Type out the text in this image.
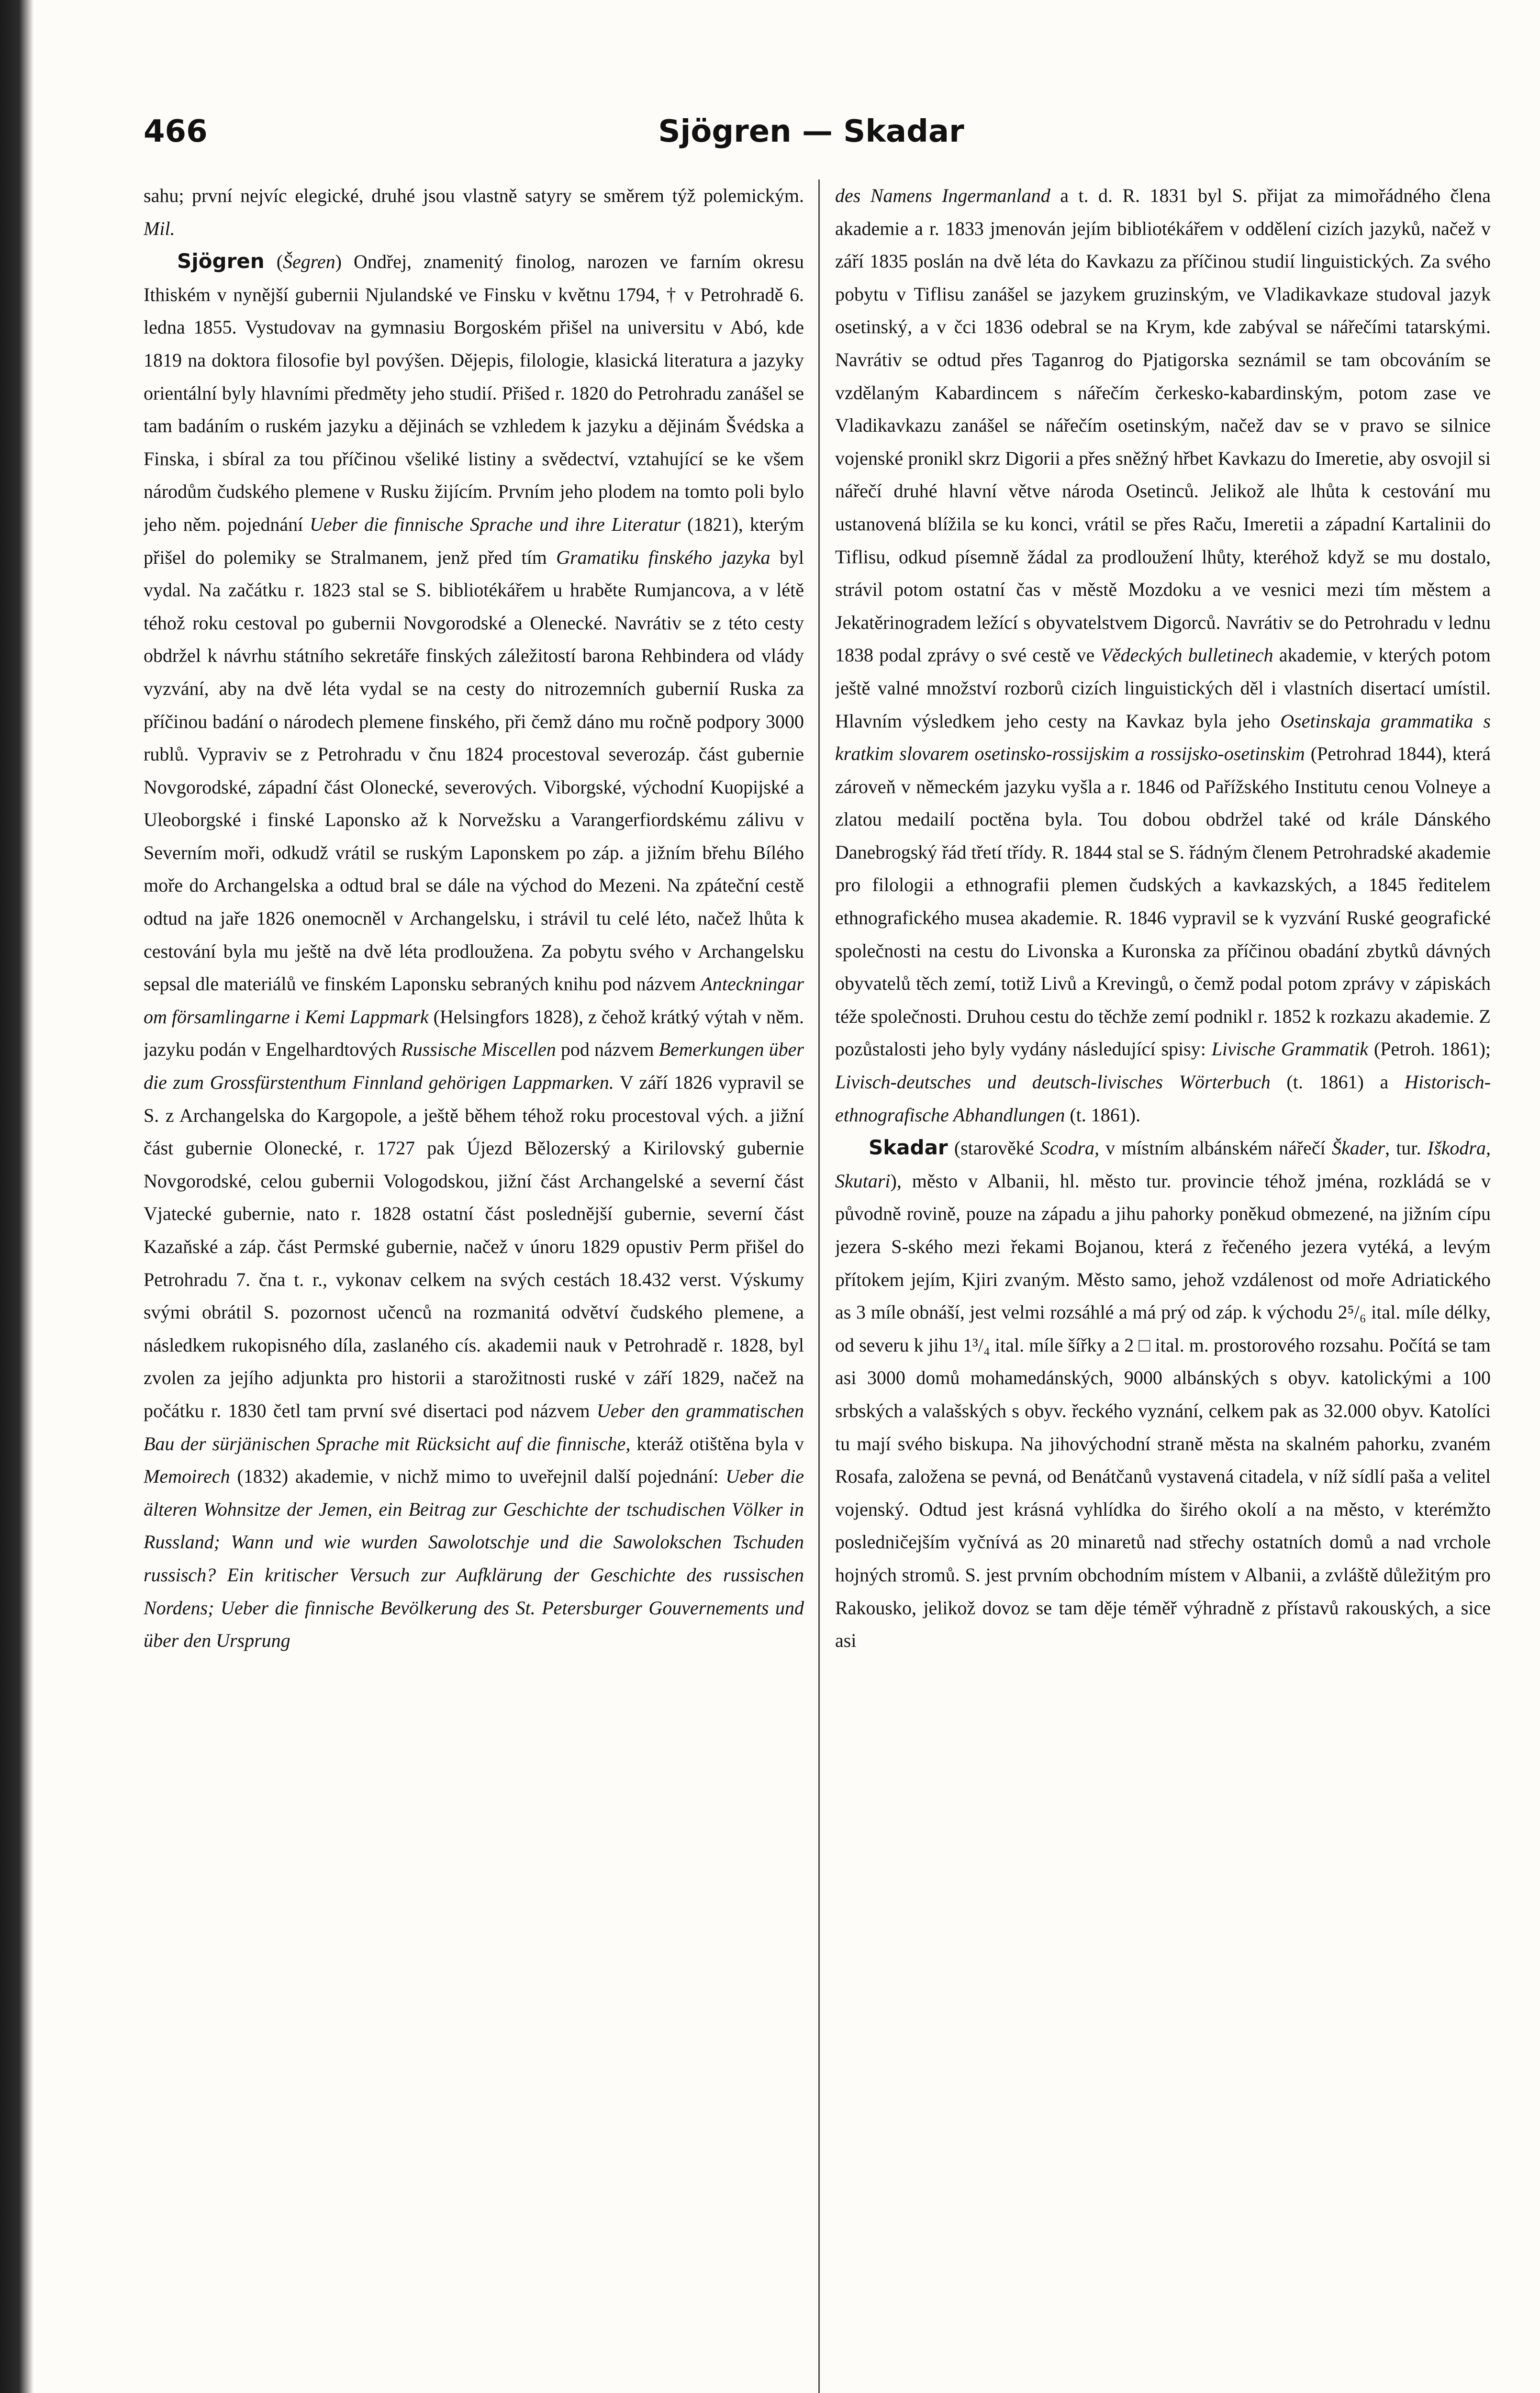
466	Sjögren — Skadar

sahu; první nejvíc elegické, druhé jsou vlastně satyry se směrem týž polemickým. Mil.

Sjögren (Šegren) Ondřej, znamenitý finolog, narozen ve farním okresu Ithiském v nynější gubernii Njulandské ve Finsku v květnu 1794, † v Petrohradě 6. ledna 1855. Vystudovav na gymnasiu Borgoském přišel na universitu v Abó, kde 1819 na doktora filosofie byl povýšen. Dějepis, filologie, klasická literatura a jazyky orientální byly hlavními předměty jeho studií. Přišed r. 1820 do Petrohradu zanášel se tam badáním o ruském jazyku a dějinách se vzhledem k jazyku a dějinám Švédska a Finska, i sbíral za tou příčinou všeliké listiny a svědectví, vztahující se ke všem národům čudského plemene v Rusku žijícím. Prvním jeho plodem na tomto poli bylo jeho něm. pojednání Ueber die finnische Sprache und ihre Literatur (1821), kterým přišel do polemiky se Stralmanem, jenž před tím Gramatiku finského jazyka byl vydal. Na začátku r. 1823 stal se S. bibliotékářem u hraběte Rumjancova, a v létě téhož roku cestoval po gubernii Novgorodské a Olenecké. Navrátiv se z této cesty obdržel k návrhu státního sekretáře finských záležitostí barona Rehbindera od vlády vyzvání, aby na dvě léta vydal se na cesty do nitrozemních gubernií Ruska za příčinou badání o národech plemene finského, při čemž dáno mu ročně podpory 3000 rublů. Vypraviv se z Petrohradu v čnu 1824 procestoval severozáp. část gubernie Novgorodské, západní část Olonecké, severových. Viborgské, východní Kuopijské a Uleoborgské i finské Laponsko až k Norvežsku a Varangerfiordskému zálivu v Severním moři, odkudž vrátil se ruským Laponskem po záp. a jižním břehu Bílého moře do Archangelska a odtud bral se dále na východ do Mezeni. Na zpáteční cestě odtud na jaře 1826 onemocněl v Archangelsku, i strávil tu celé léto, načež lhůta k cestování byla mu ještě na dvě léta prodloužena. Za pobytu svého v Archangelsku sepsal dle materiálů ve finském Laponsku sebraných knihu pod názvem Anteckningar om församlingarne i Kemi Lappmark (Helsingfors 1828), z čehož krátký výtah v něm. jazyku podán v Engelhardtových Russische Miscellen pod názvem Bemerkungen über die zum Grossfürstenthum Finnland gehörigen Lappmarken. V září 1826 vypravil se S. z Archangelska do Kargopole, a ještě během téhož roku procestoval vých. a jižní část gubernie Olonecké, r. 1727 pak Újezd Bělozerský a Kirilovský gubernie Novgorodské, celou gubernii Vologodskou, jižní část Archangelské a severní část Vjatecké gubernie, nato r. 1828 ostatní část poslednější gubernie, severní část Kazaňské a záp. část Permské gubernie, načež v únoru 1829 opustiv Perm přišel do Petrohradu 7. čna t. r., vykonav celkem na svých cestách 18.432 verst. Výskumy svými obrátil S. pozornost učenců na rozmanitá odvětví čudského plemene, a následkem rukopisného díla, zaslaného cís. akademii nauk v Petrohradě r. 1828, byl zvolen za jejího adjunkta pro historii a starožitnosti ruské v září 1829, načež na počátku r. 1830 četl tam první své disertaci pod názvem Ueber den grammatischen Bau der sürjänischen Sprache mit Rücksicht auf die finnische, kteráž otištěna byla v Memoirech (1832) akademie, v nichž mimo to uveřejnil další pojednání: Ueber die älteren Wohnsitze der Jemen, ein Beitrag zur Geschichte der tschudischen Völker in Russland; Wann und wie wurden Sawolotschje und die Sawolokschen Tschuden russisch? Ein kritischer Versuch zur Aufklärung der Geschichte des russischen Nordens; Ueber die finnische Bevölkerung des St. Petersburger Gouvernements und über den Ursprung

des Namens Ingermanland a t. d. R. 1831 byl S. přijat za mimořádného člena akademie a r. 1833 jmenován jejím bibliotékářem v oddělení cizích jazyků, načež v září 1835 poslán na dvě léta do Kavkazu za příčinou studií linguistických. Za svého pobytu v Tiflisu zanášel se jazykem gruzinským, ve Vladikavkaze studoval jazyk osetinský, a v čci 1836 odebral se na Krym, kde zabýval se nářečími tatarskými. Navrátiv se odtud přes Taganrog do Pjatigorska seznámil se tam obcováním se vzdělaným Kabardincem s nářečím čerkesko-kabardinským, potom zase ve Vladikavkazu zanášel se nářečím osetinským, načež dav se v pravo se silnice vojenské pronikl skrz Digorii a přes sněžný hřbet Kavkazu do Imeretie, aby osvojil si nářečí druhé hlavní větve národa Osetinců. Jelikož ale lhůta k cestování mu ustanovená blížila se ku konci, vrátil se přes Raču, Imeretii a západní Kartalinii do Tiflisu, odkud písemně žádal za prodloužení lhůty, kteréhož když se mu dostalo, strávil potom ostatní čas v městě Mozdoku a ve vesnici mezi tím městem a Jekatěrinogradem ležící s obyvatelstvem Digorců. Navrátiv se do Petrohradu v lednu 1838 podal zprávy o své cestě ve Vědeckých bulletinech akademie, v kterých potom ještě valné množství rozborů cizích linguistických děl i vlastních disertací umístil. Hlavním výsledkem jeho cesty na Kavkaz byla jeho Osetinskaja grammatika s kratkim slovarem osetinsko-rossijskim a rossijsko-osetinskim (Petrohrad 1844), která zároveň v německém jazyku vyšla a r. 1846 od Pařížského Institutu cenou Volneyе a zlatou medailí poctěna byla. Tou dobou obdržel také od krále Dánského Danebrogský řád třetí třídy. R. 1844 stal se S. řádným členem Petrohradské akademie pro filologii a ethnografii plemen čudských a kavkazských, a 1845 ředitelem ethnografického musea akademie. R. 1846 vypravil se k vyzvání Ruské geografické společnosti na cestu do Livonska a Kuronska za příčinou obadání zbytků dávných obyvatelů těch zemí, totiž Livů a Krevingů, o čemž podal potom zprávy v zápiskách téže společnosti. Druhou cestu do těchže zemí podnikl r. 1852 k rozkazu akademie. Z pozůstalosti jeho byly vydány následující spisy: Livische Grammatik (Petroh. 1861); Livisch-deutsches und deutsch-livisches Wörterbuch (t. 1861) a Historisch-ethnografische Abhandlungen (t. 1861).

Skadar (starověké Scodra, v místním albánském nářečí Škader, tur. Iškodra, Skutari), město v Albanii, hl. město tur. provincie téhož jména, rozkládá se v původně rovině, pouze na západu a jihu pahorky poněkud obmezené, na jižním cípu jezera S-ského mezi řekami Bojanou, která z řečeného jezera vytéká, a levým přítokem jejím, Kjiri zvaným. Město samo, jehož vzdálenost od moře Adriatického as 3 míle obnáší, jest velmi rozsáhlé a má prý od záp. k východu 2⁵/₆ ital. míle délky, od severu k jihu 1³/₄ ital. míle šířky a 2 □ ital. m. prostorového rozsahu. Počítá se tam asi 3000 domů mohamedánských, 9000 albánských s obyv. katolickými a 100 srbských a valašských s obyv. řeckého vyznání, celkem pak as 32.000 obyv. Katolíci tu mají svého biskupa. Na jihovýchodní straně města na skalném pahorku, zvaném Rosafa, založena se pevná, od Benátčanů vystavená citadela, v níž sídlí paša a velitel vojenský. Odtud jest krásná vyhlídka do širého okolí a na město, v kterémžto posledničejším vyčnívá as 20 minaretů nad střechy ostatních domů a nad vrchole hojných stromů. S. jest prvním obchodním místem v Albanii, a zvláště důležitým pro Rakousko, jelikož dovoz se tam děje téměř výhradně z přístavů rakouských, a sice asi
